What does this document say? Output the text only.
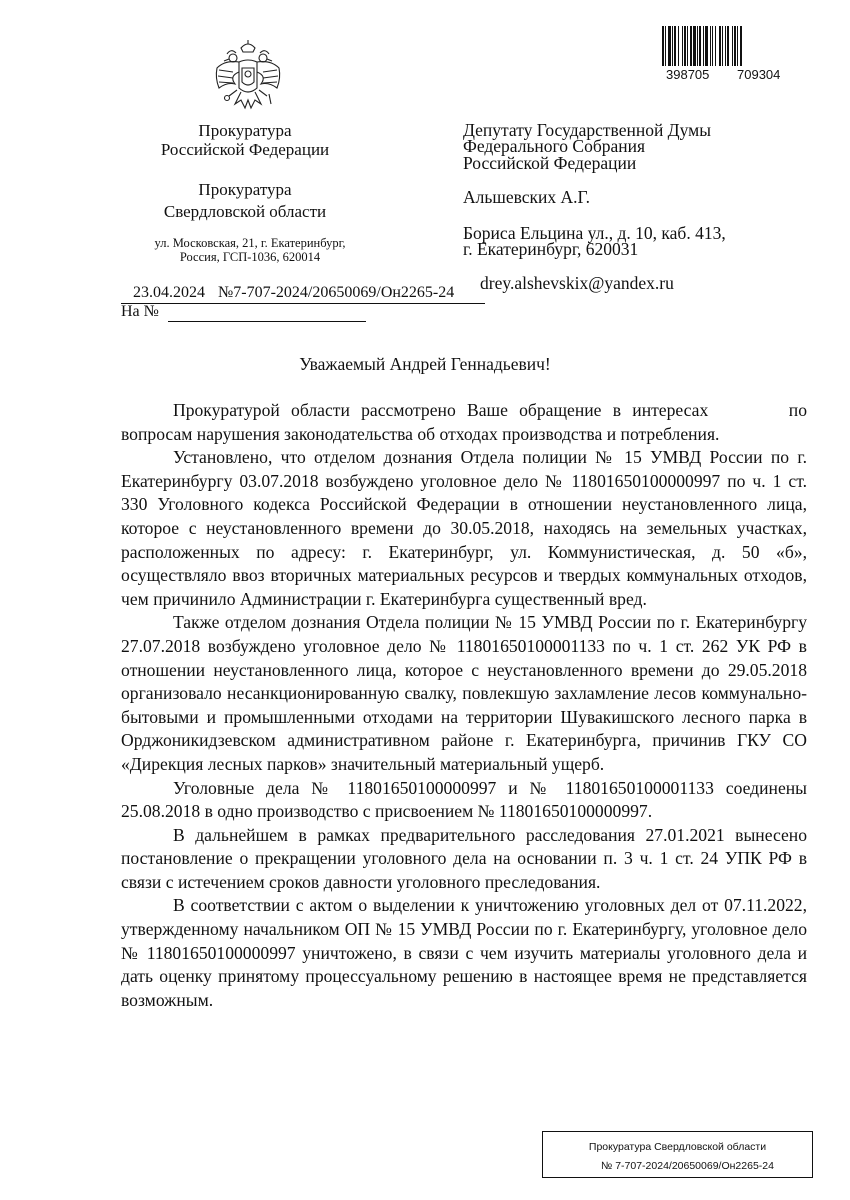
398705 709304
Прокуратура
Российской Федерации
Прокуратура
Свердловской области
ул. Московская, 21, г. Екатеринбург,
Россия, ГСП-1036, 620014
Депутату Государственной Думы
Федерального Собрания
Российской Федерации
Альшевских А.Г.
Бориса Ельцина ул., д. 10, каб. 413,
г. Екатеринбург, 620031
drey.alshevskix@yandex.ru
23.04.2024 №7-707-2024/20650069/Он2265-24
На №
Уважаемый Андрей Геннадьевич!

Прокуратурой области рассмотрено Ваше обращение в интересах	по вопросам нарушения законодательства об отходах производства и потребления.

Установлено, что отделом дознания Отдела полиции № 15 УМВД России по г. Екатеринбургу 03.07.2018 возбуждено уголовное дело № 11801650100000997 по ч. 1 ст. 330 Уголовного кодекса Российской Федерации в отношении неустановленного лица, которое с неустановленного времени до 30.05.2018, находясь на земельных участках, расположенных по адресу: г. Екатеринбург, ул. Коммунистическая, д. 50 «б», осуществляло ввоз вторичных материальных ресурсов и твердых коммунальных отходов, чем причинило Администрации г. Екатеринбурга существенный вред.

Также отделом дознания Отдела полиции № 15 УМВД России по г. Екатеринбургу 27.07.2018 возбуждено уголовное дело № 11801650100001133 по ч. 1 ст. 262 УК РФ в отношении неустановленного лица, которое с неустановленного времени до 29.05.2018 организовало несанкционированную свалку, повлекшую захламление лесов коммунально-бытовыми и промышленными отходами на территории Шувакишского лесного парка в Орджоникидзевском административном районе г. Екатеринбурга, причинив ГКУ СО «Дирекция лесных парков» значительный материальный ущерб.

Уголовные дела № 11801650100000997 и № 11801650100001133 соединены 25.08.2018 в одно производство с присвоением № 11801650100000997.

В дальнейшем в рамках предварительного расследования 27.01.2021 вынесено постановление о прекращении уголовного дела на основании п. 3 ч. 1 ст. 24 УПК РФ в связи с истечением сроков давности уголовного преследования.

В соответствии с актом о выделении к уничтожению уголовных дел от 07.11.2022, утвержденному начальником ОП № 15 УМВД России по г. Екатеринбургу, уголовное дело № 11801650100000997 уничтожено, в связи с чем изучить материалы уголовного дела и дать оценку принятому процессуальному решению в настоящее время не представляется возможным.

Прокуратура Свердловской области
№ 7-707-2024/20650069/Он2265-24
